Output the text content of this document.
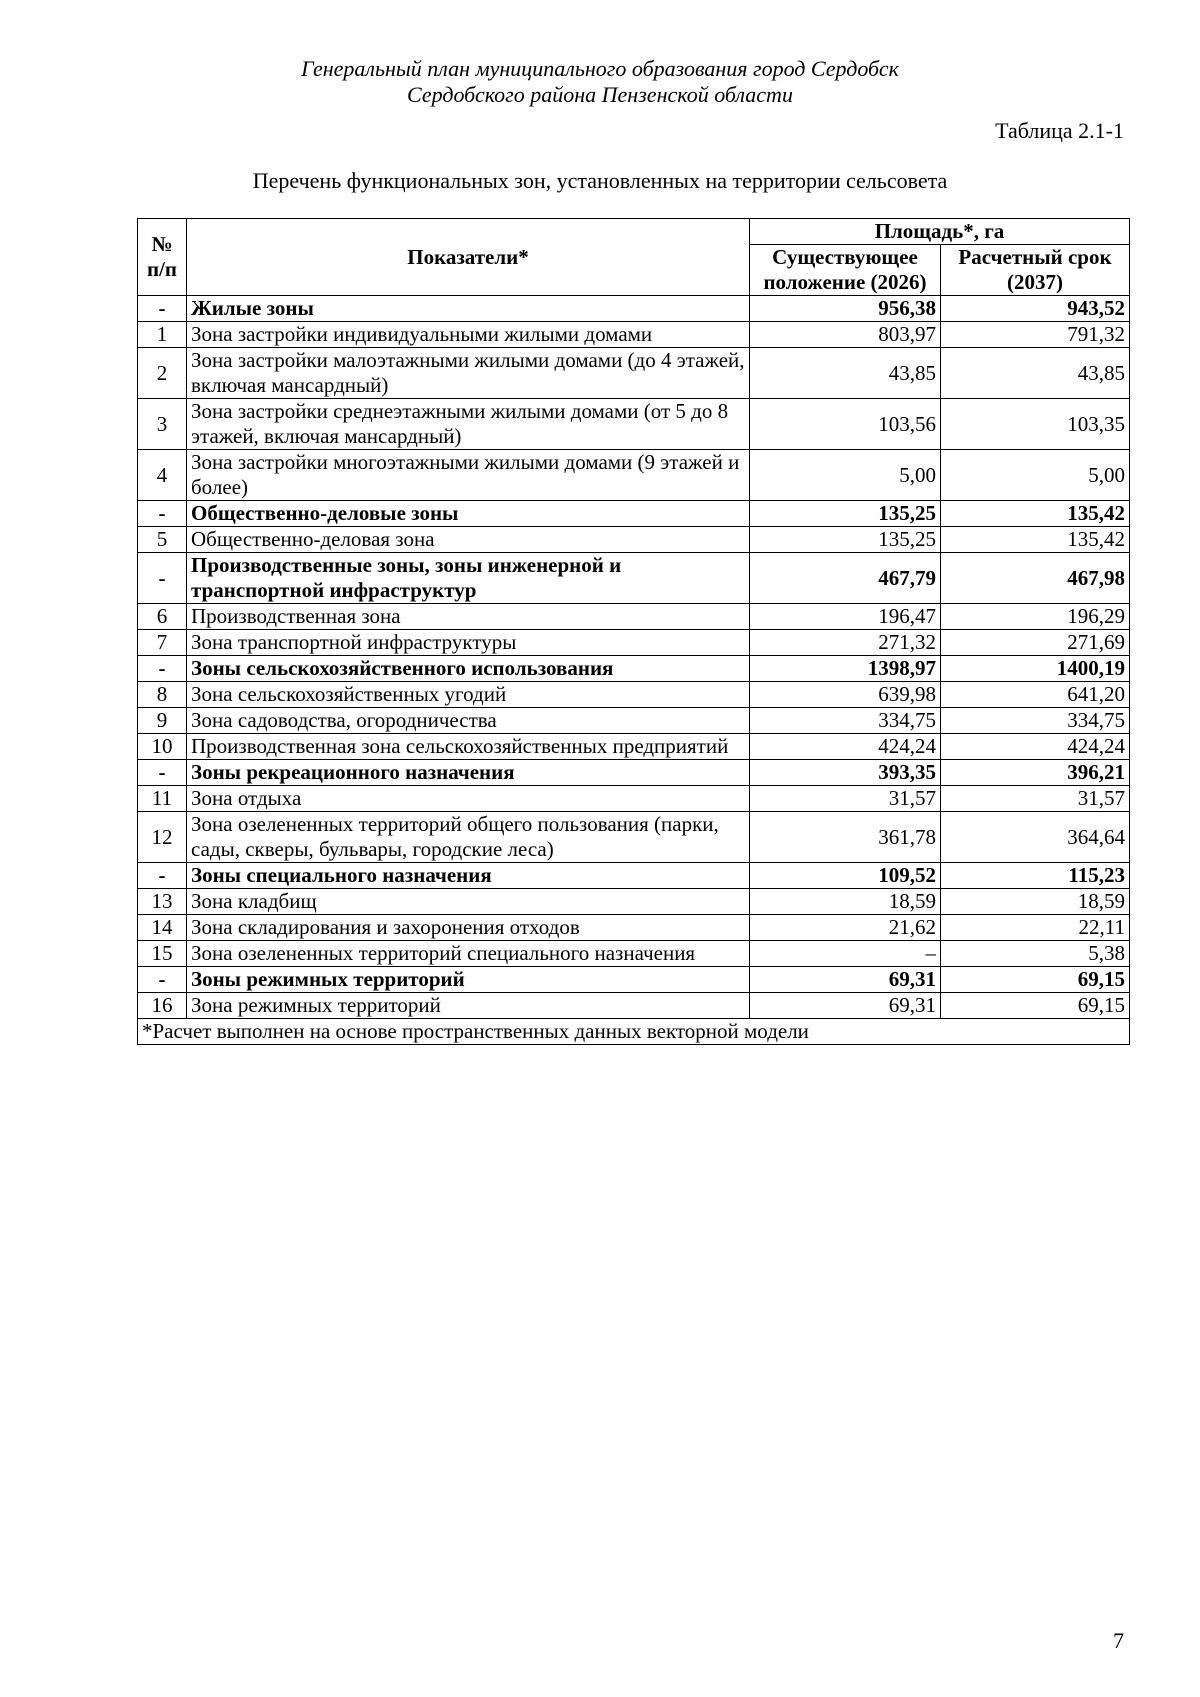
Генеральный план муниципального образования город Сердобск
Сердобского района Пензенской области
Таблица 2.1-1
Перечень функциональных зон, установленных на территории сельсовета
№ п/п	Показатели*	Площадь*, га	
		Существующее положение (2026)	Расчетный срок (2037)
-	Жилые зоны	956,38	943,52
1	Зона застройки индивидуальными жилыми домами	803,97	791,32
2	Зона застройки малоэтажными жилыми домами (до 4 этажей, включая мансардный)	43,85	43,85
3	Зона застройки среднеэтажными жилыми домами (от 5 до 8 этажей, включая мансардный)	103,56	103,35
4	Зона застройки многоэтажными жилыми домами (9 этажей и более)	5,00	5,00
-	Общественно-деловые зоны	135,25	135,42
5	Общественно-деловая зона	135,25	135,42
-	Производственные зоны, зоны инженерной и транспортной инфраструктур	467,79	467,98
6	Производственная зона	196,47	196,29
7	Зона транспортной инфраструктуры	271,32	271,69
-	Зоны сельскохозяйственного использования	1398,97	1400,19
8	Зона сельскохозяйственных угодий	639,98	641,20
9	Зона садоводства, огородничества	334,75	334,75
10	Производственная зона сельскохозяйственных предприятий	424,24	424,24
-	Зоны рекреационного назначения	393,35	396,21
11	Зона отдыха	31,57	31,57
12	Зона озелененных территорий общего пользования (парки, сады, скверы, бульвары, городские леса)	361,78	364,64
-	Зоны специального назначения	109,52	115,23
13	Зона кладбищ	18,59	18,59
14	Зона складирования и захоронения отходов	21,62	22,11
15	Зона озелененных территорий специального назначения	–	5,38
-	Зоны режимных территорий	69,31	69,15
16	Зона режимных территорий	69,31	69,15
*Расчет выполнен на основе пространственных данных векторной модели			
7
